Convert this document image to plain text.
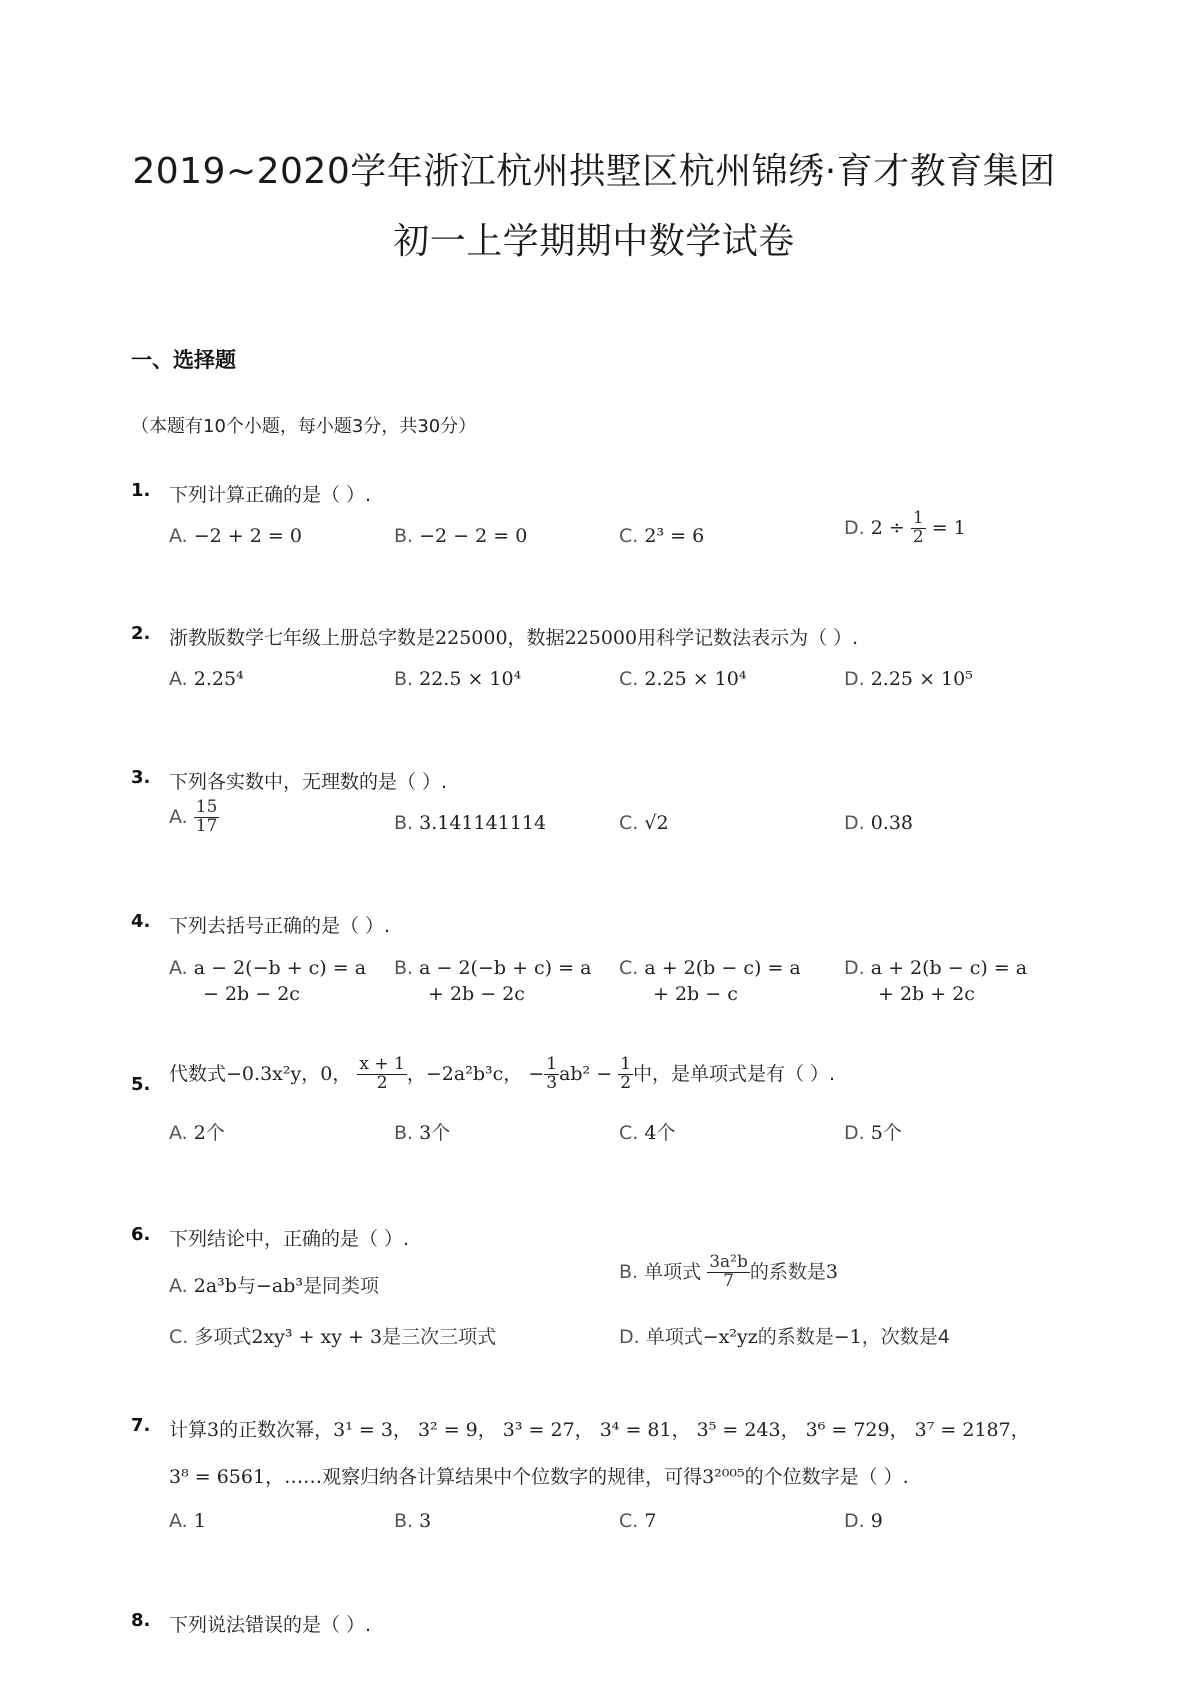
2019~2020学年浙江杭州拱墅区杭州锦绣·育才教育集团
初一上学期期中数学试卷
一、选择题
（本题有10个小题，每小题3分，共30分）
1. 下列计算正确的是（ ）.
A. −2 + 2 = 0	B. −2 − 2 = 0	C. 2³ = 6	D. $2 \div \frac{1}{2} = 1$
2. 浙教版数学七年级上册总字数是225000，数据225000用科学记数法表示为（ ）.
A. 2.25⁴	B. 22.5 × 10⁴	C. 2.25 × 10⁴	D. 2.25 × 10⁵
3. 下列各实数中，无理数的是（ ）.
A. $\frac{15}{17}$	B. 3.141141114	C. √2	D. 0.38̇
4. 下列去括号正确的是（ ）.
A. a − 2(−b + c) = a
− 2b − 2c
B. a − 2(−b + c) = a
+ 2b − 2c
C. a + 2(b − c) = a
+ 2b − c
D. a + 2(b − c) = a
+ 2b + 2c
5. 代数式−0.3x²y，0， $\frac{x + 1}{2}$ ，−2a²b³c， − $\frac{1}{3} ab^2 - \frac{1}{2}$ 中，是单项式是有（ ）.
A. 2个	B. 3个	C. 4个	D. 5个
6. 下列结论中，正确的是（ ）.
A. 2a³b与−ab³是同类项
B. 单项式 $\frac{\text{3a²b}}{7}$ 的系数是3
C. 多项式2xy³ + xy + 3是三次三项式	D. 单项式−x²yz的系数是−1，次数是4
7. 计算3的正数次幂，3¹ = 3， 3² = 9， 3³ = 27， 3⁴ = 81， 3⁵ = 243， 3⁶ = 729， 3⁷ = 2187，
3⁸ = 6561，……观察归纳各计算结果中个位数字的规律，可得3²⁰⁰⁵的个位数字是（ ）.
A. 1	B. 3	C. 7	D. 9
8. 下列说法错误的是（ ）.
